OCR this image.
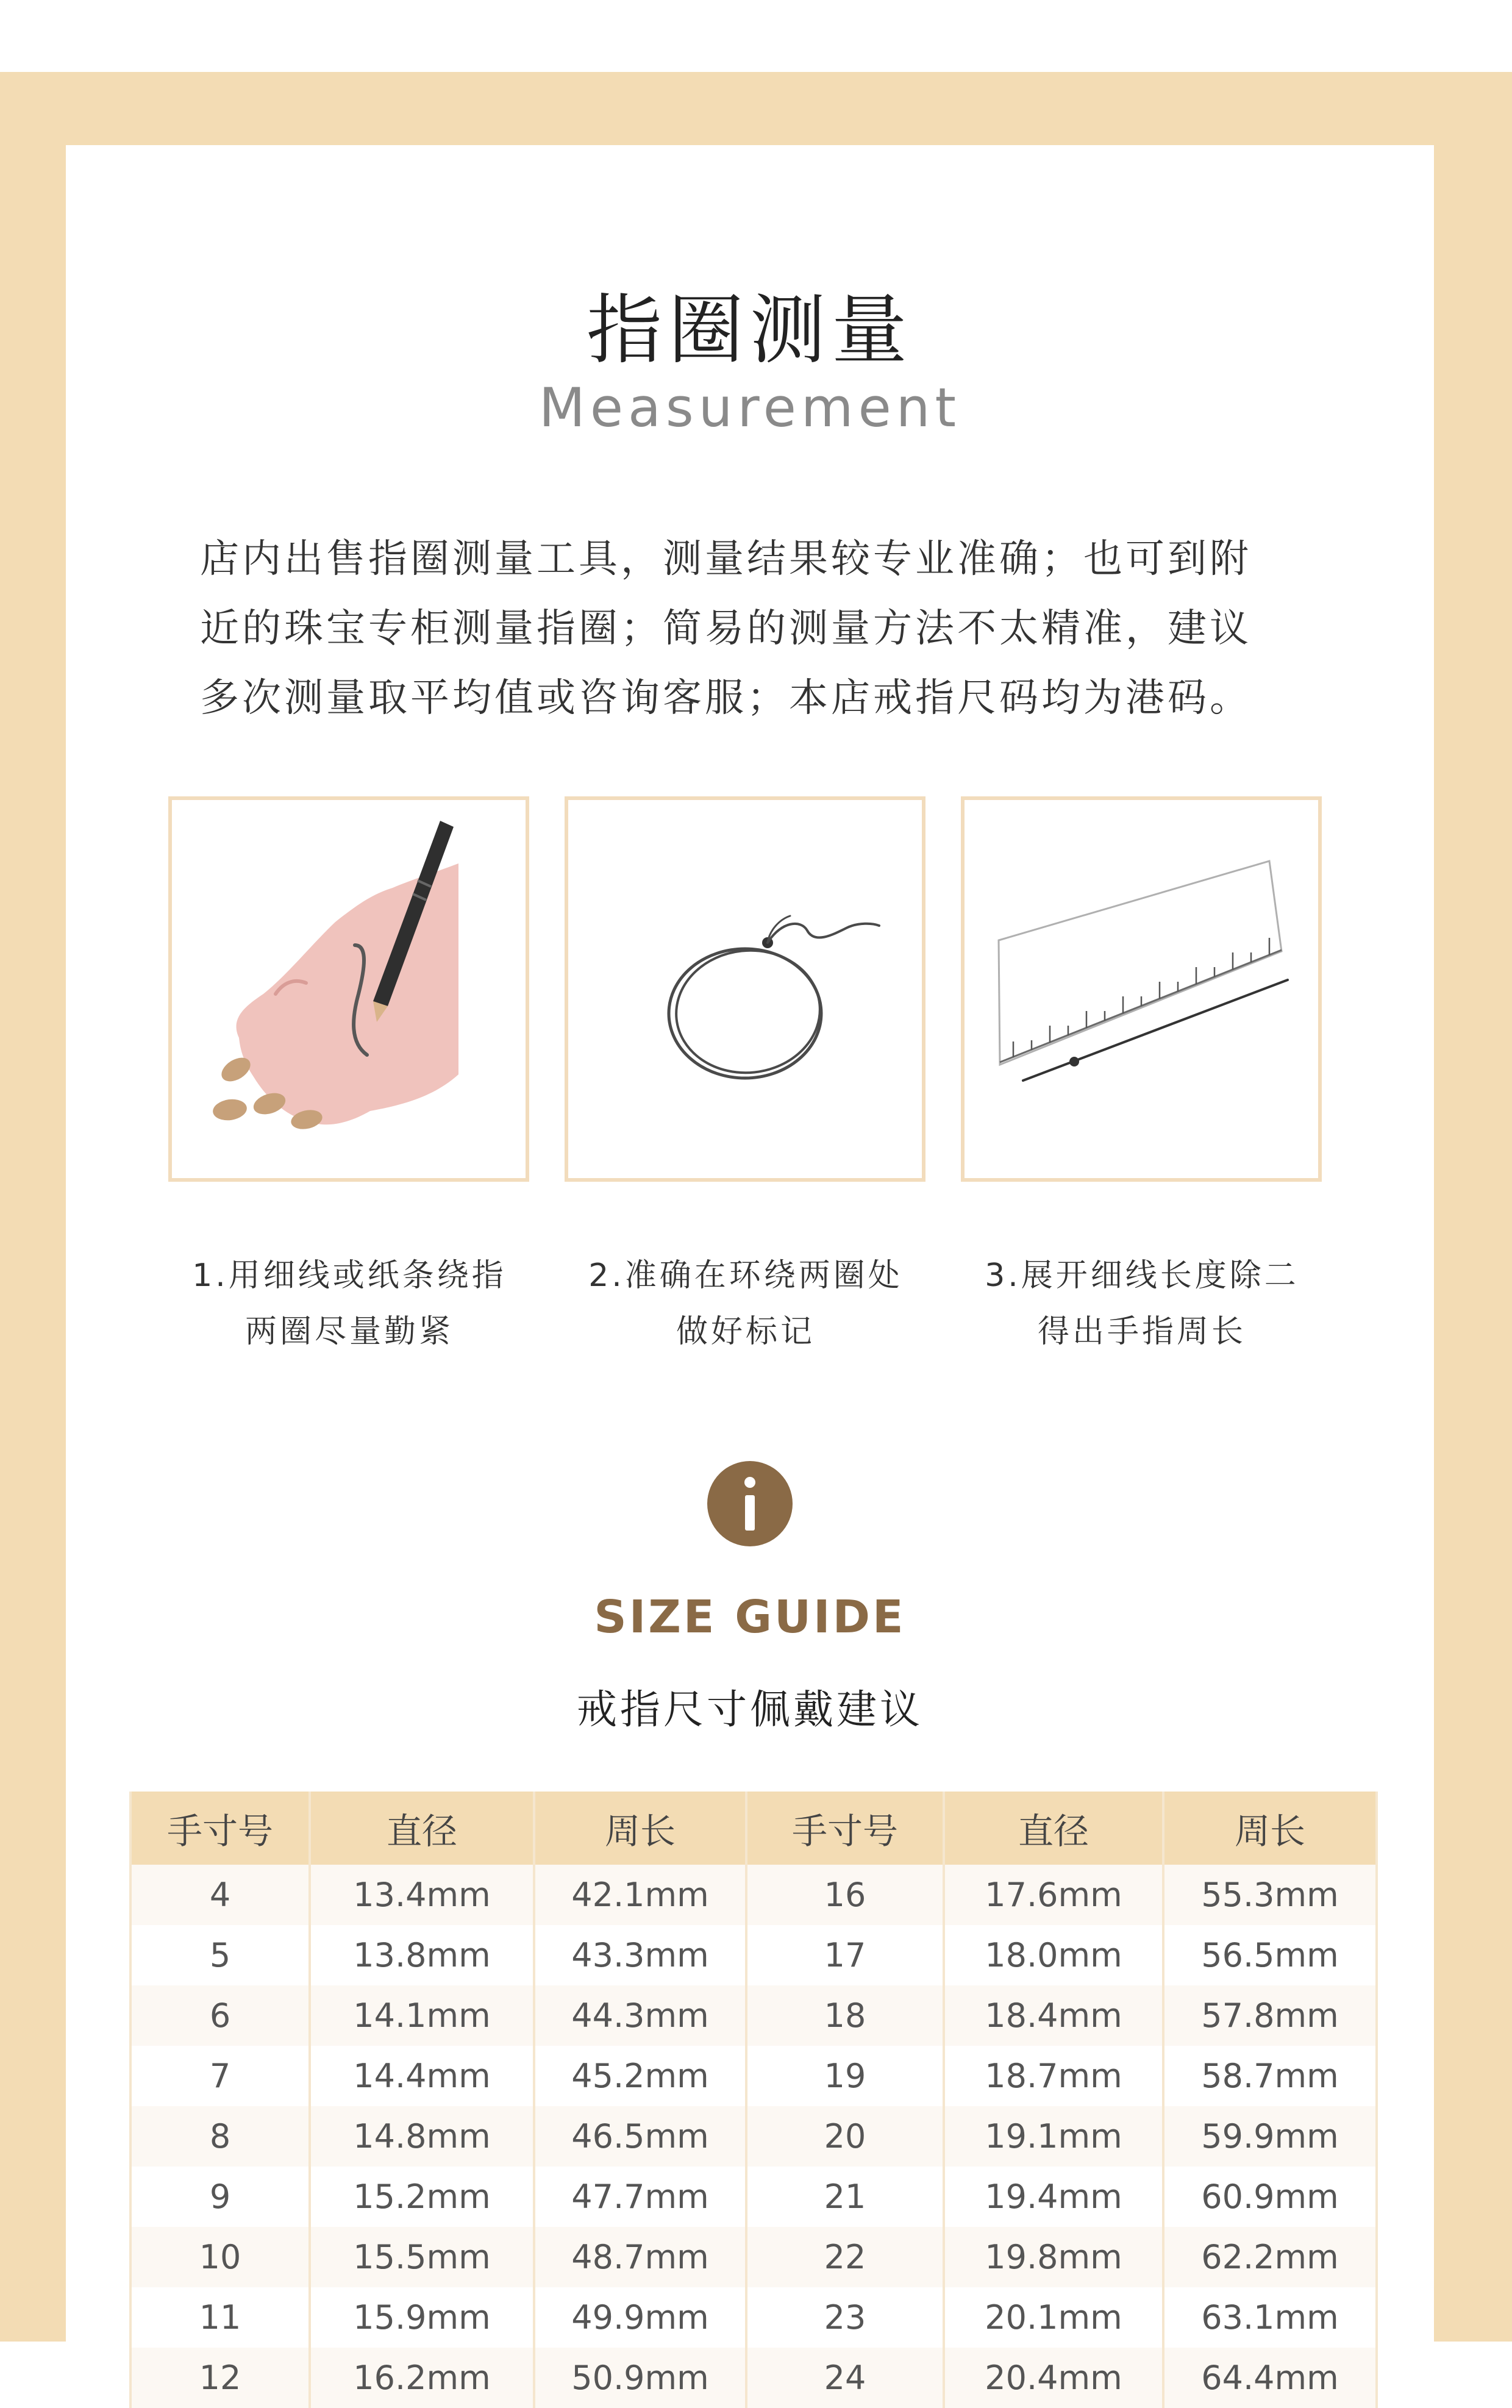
指圈测量
Measurement
店内出售指圈测量工具，测量结果较专业准确；也可到附
近的珠宝专柜测量指圈；简易的测量方法不太精准，建议
多次测量取平均值或咨询客服；本店戒指尺码均为港码。
1.用细线或纸条绕指
两圈尽量勤紧
2.准确在环绕两圈处
做好标记
3.展开细线长度除二
得出手指周长
SIZE GUIDE
戒指尺寸佩戴建议
手寸号	直径	周长	手寸号	直径	周长
4	13.4mm	42.1mm	16	17.6mm	55.3mm
5	13.8mm	43.3mm	17	18.0mm	56.5mm
6	14.1mm	44.3mm	18	18.4mm	57.8mm
7	14.4mm	45.2mm	19	18.7mm	58.7mm
8	14.8mm	46.5mm	20	19.1mm	59.9mm
9	15.2mm	47.7mm	21	19.4mm	60.9mm
10	15.5mm	48.7mm	22	19.8mm	62.2mm
11	15.9mm	49.9mm	23	20.1mm	63.1mm
12	16.2mm	50.9mm	24	20.4mm	64.4mm
